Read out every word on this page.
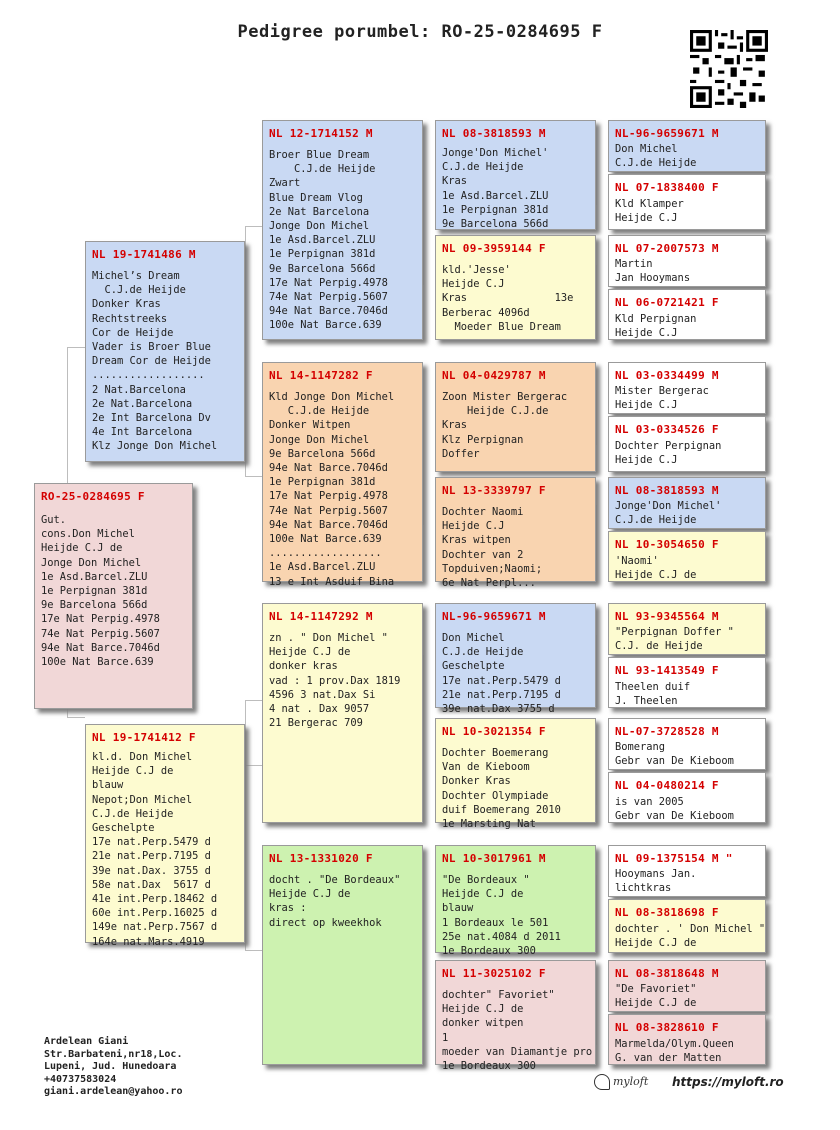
Pedigree porumbel: RO-25-0284695 F
RO-25-0284695 F
Gut.
cons.Don Michel
Heijde C.J de
Jonge Don Michel
1e Asd.Barcel.ZLU
1e Perpignan 381d
9e Barcelona 566d
17e Nat Perpig.4978
74e Nat Perpig.5607
94e Nat Barce.7046d
100e Nat Barce.639
NL 19-1741486 M
Michel’s Dream
C.J.de Heijde
Donker Kras
Rechtstreeks
Cor de Heijde
Vader is Broer Blue
Dream Cor de Heijde
..................
2 Nat.Barcelona
2e Nat.Barcelona
2e Int Barcelona Dv
4e Int Barcelona
Klz Jonge Don Michel
NL 19-1741412 F
kl.d. Don Michel
Heijde C.J de
blauw
Nepot;Don Michel
C.J.de Heijde
Geschelpte
17e nat.Perp.5479 d
21e nat.Perp.7195 d
39e nat.Dax. 3755 d
58e nat.Dax  5617 d
41e int.Perp.18462 d
60e int.Perp.16025 d
149e nat.Perp.7567 d
164e nat.Mars.4919
NL 12-1714152 M
Broer Blue Dream
C.J.de Heijde
Zwart
Blue Dream Vlog
2e Nat Barcelona
Jonge Don Michel
1e Asd.Barcel.ZLU
1e Perpignan 381d
9e Barcelona 566d
17e Nat Perpig.4978
74e Nat Perpig.5607
94e Nat Barce.7046d
100e Nat Barce.639
NL 14-1147282 F
Kld Jonge Don Michel
C.J.de Heijde
Donker Witpen
Jonge Don Michel
9e Barcelona 566d
94e Nat Barce.7046d
1e Perpignan 381d
17e Nat Perpig.4978
74e Nat Perpig.5607
94e Nat Barce.7046d
100e Nat Barce.639
..................
1e Asd.Barcel.ZLU
13 e Int Asduif Bina
NL 14-1147292 M
zn . " Don Michel "
Heijde C.J de
donker kras
vad : 1 prov.Dax 1819
4596 3 nat.Dax Si
4 nat . Dax 9057
21 Bergerac 709
NL 13-1331020 F
docht . "De Bordeaux"
Heijde C.J de
kras :
direct op kweekhok
NL 08-3818593 M
Jonge'Don Michel'
C.J.de Heijde
Kras
1e Asd.Barcel.ZLU
1e Perpignan 381d
9e Barcelona 566d
NL 09-3959144 F
kld.'Jesse'
Heijde C.J
Kras              13e
Berberac 4096d
Moeder Blue Dream
NL 04-0429787 M
Zoon Mister Bergerac
Heijde C.J.de
Kras
Klz Perpignan
Doffer
NL 13-3339797 F
Dochter Naomi
Heijde C.J
Kras witpen
Dochter van 2
Topduiven;Naomi;
6e Nat Perpl...
NL-96-9659671 M
Don Michel
C.J.de Heijde
Geschelpte
17e nat.Perp.5479 d
21e nat.Perp.7195 d
39e nat.Dax 3755 d
NL 10-3021354 F
Dochter Boemerang
Van de Kieboom
Donker Kras
Dochter Olympiade
duif Boemerang 2010
1e Marsting Nat
NL 10-3017961 M
"De Bordeaux "
Heijde C.J de
blauw
1 Bordeaux le 501
25e nat.4084 d 2011
1e Bordeaux 300
NL 11-3025102 F
dochter" Favoriet"
Heijde C.J de
donker witpen
1
moeder van Diamantje pro
1e Bordeaux 300
NL-96-9659671 M
Don Michel
C.J.de Heijde
NL 07-1838400 F
Kld Klamper
Heijde C.J
NL 07-2007573 M
Martin
Jan Hooymans
NL 06-0721421 F
Kld Perpignan
Heijde C.J
NL 03-0334499 M
Mister Bergerac
Heijde C.J
NL 03-0334526 F
Dochter Perpignan
Heijde C.J
NL 08-3818593 M
Jonge'Don Michel'
C.J.de Heijde
NL 10-3054650 F
'Naomi'
Heijde C.J de
NL 93-9345564 M
"Perpignan Doffer "
C.J. de Heijde
NL 93-1413549 F
Theelen duif
J. Theelen
NL-07-3728528 M
Bomerang
Gebr van De Kieboom
NL 04-0480214 F
is van 2005
Gebr van De Kieboom
NL 09-1375154 M "
Hooymans Jan.
lichtkras
NL 08-3818698 F
dochter . ' Don Michel "
Heijde C.J de
NL 08-3818648 M
"De Favoriet"
Heijde C.J de
NL 08-3828610 F
Marmelda/Olym.Queen
G. van der Matten
Ardelean Giani
Str.Barbateni,nr18,Loc.
Lupeni, Jud. Hunedoara
+40737583024
giani.ardelean@yahoo.ro
myloft https://myloft.ro
